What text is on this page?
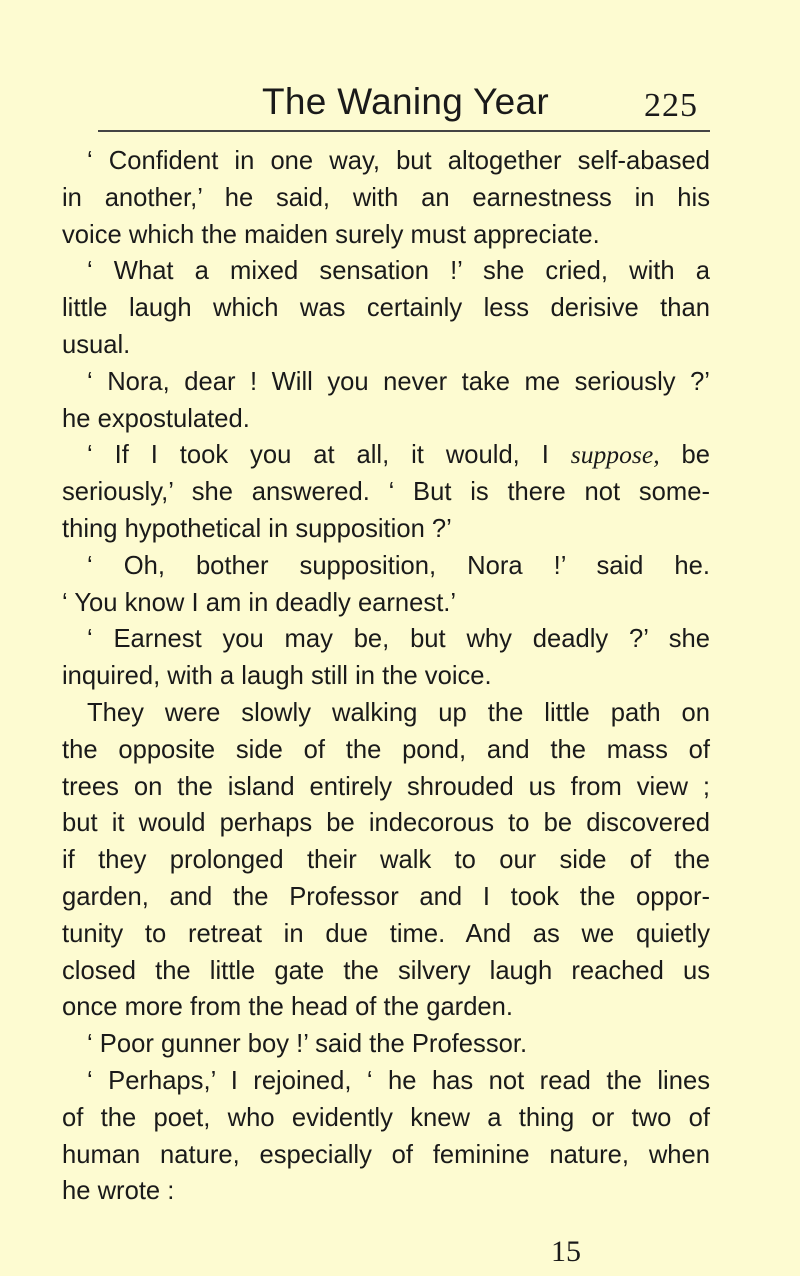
The Waning Year	225
‘ Confident in one way, but altogether self-abased
in another,’ he said, with an earnestness in his
voice which the maiden surely must appreciate.
‘ What a mixed sensation !’ she cried, with a
little laugh which was certainly less derisive than
usual.
‘ Nora, dear ! Will you never take me seriously ?’
he expostulated.
‘ If I took you at all, it would, I suppose, be
seriously,’ she answered. ‘ But is there not some-
thing hypothetical in supposition ?’
‘ Oh, bother supposition, Nora !’ said he.
‘ You know I am in deadly earnest.’
‘ Earnest you may be, but why deadly ?’ she
inquired, with a laugh still in the voice.
They were slowly walking up the little path on
the opposite side of the pond, and the mass of
trees on the island entirely shrouded us from view ;
but it would perhaps be indecorous to be discovered
if they prolonged their walk to our side of the
garden, and the Professor and I took the oppor-
tunity to retreat in due time. And as we quietly
closed the little gate the silvery laugh reached us
once more from the head of the garden.
‘ Poor gunner boy !’ said the Professor.
‘ Perhaps,’ I rejoined, ‘ he has not read the lines
of the poet, who evidently knew a thing or two of
human nature, especially of feminine nature, when
he wrote :
15
